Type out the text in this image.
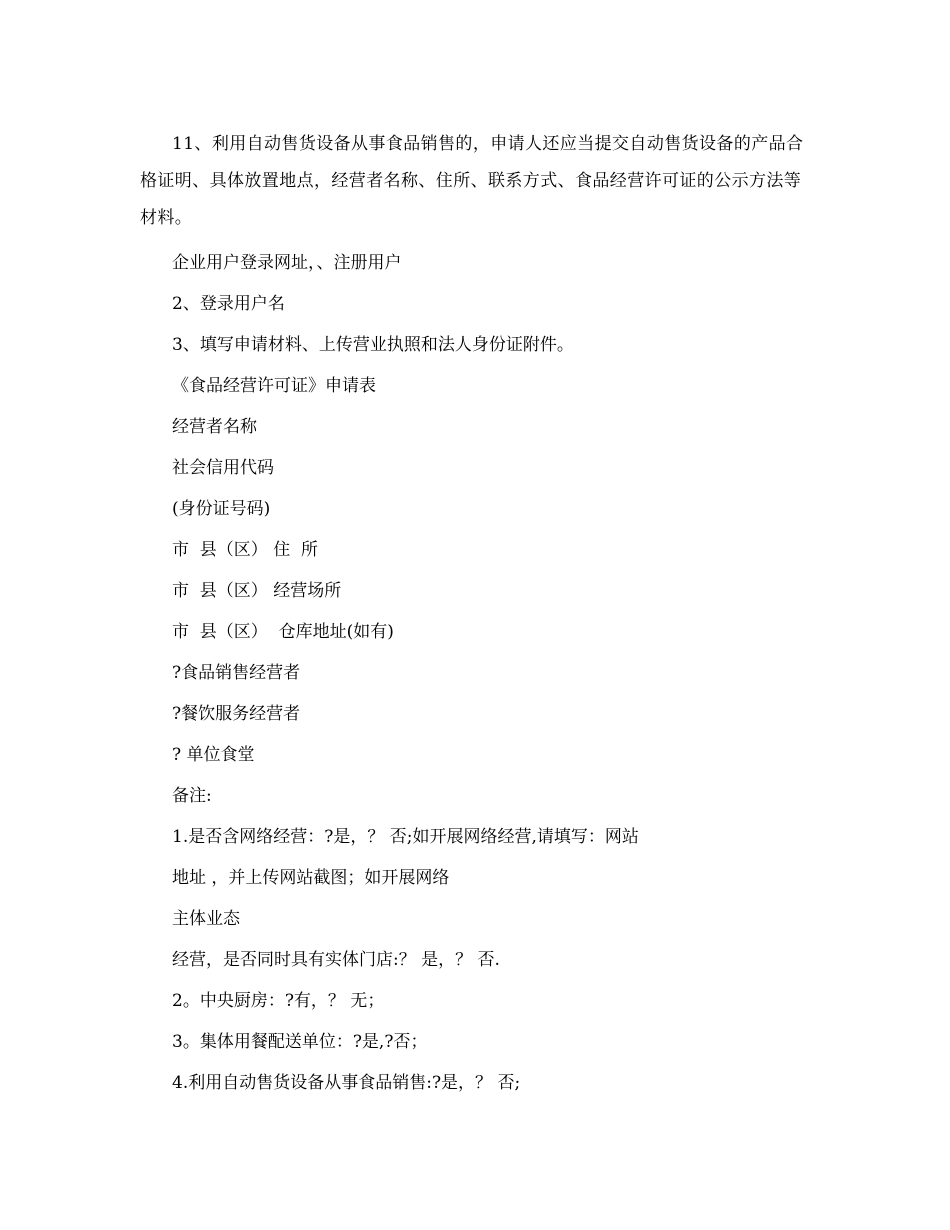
11、利用自动售货设备从事食品销售的，申请人还应当提交自动售货设备的产品合格证明、具体放置地点，经营者名称、住所、联系方式、食品经营许可证的公示方法等材料。

企业用户登录网址，、注册用户

2、登录用户名

3、填写申请材料、上传营业执照和法人身份证附件。

《食品经营许可证》申请表

经营者名称

社会信用代码

(身份证号码)

市  县（区） 住  所

市  县（区） 经营场所

市  县（区）  仓库地址(如有)

?食品销售经营者

?餐饮服务经营者

? 单位食堂

备注:

1.是否含网络经营：?是，？ 否;如开展网络经营,请填写：网站

地址 ，并上传网站截图；如开展网络

主体业态

经营，是否同时具有实体门店:？ 是，？ 否.

2。中央厨房：?有，？ 无；

3。集体用餐配送单位：?是,?否；

4.利用自动售货设备从事食品销售:?是，？ 否;
